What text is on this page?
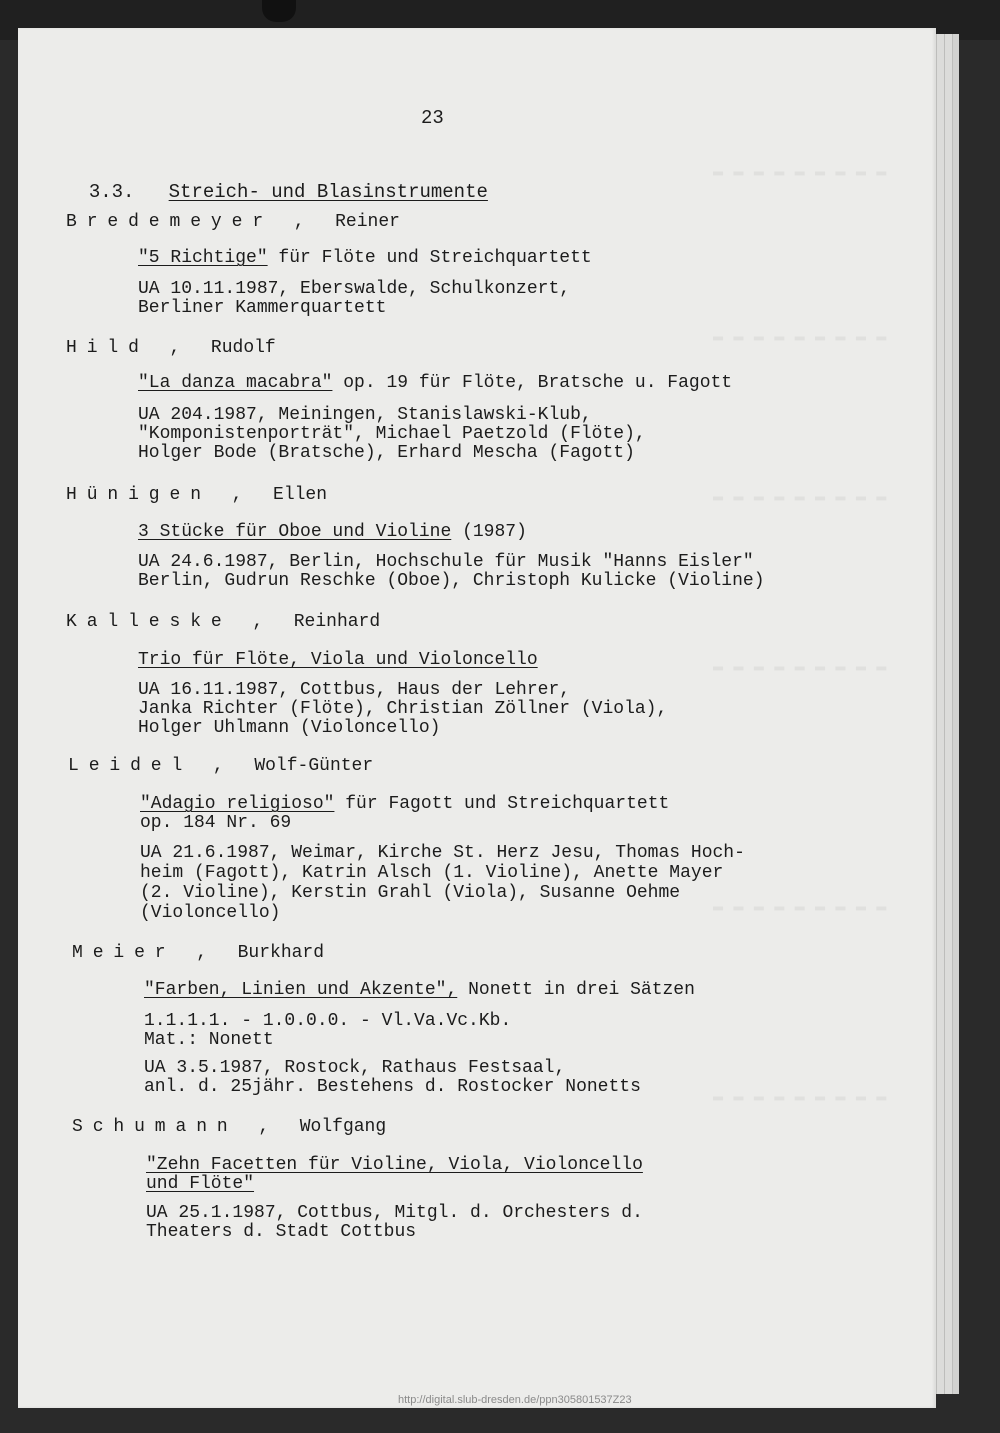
▬ ▬ ▬ ▬ ▬ ▬ ▬ ▬ ▬
▬ ▬ ▬ ▬ ▬ ▬ ▬ ▬ ▬
▬ ▬ ▬ ▬ ▬ ▬ ▬ ▬ ▬
▬ ▬ ▬ ▬ ▬ ▬ ▬ ▬ ▬
▬ ▬ ▬ ▬ ▬ ▬ ▬ ▬ ▬
▬ ▬ ▬ ▬ ▬ ▬ ▬ ▬ ▬
23

3.3. Streich- und Blasinstrumente

Bredemeyer , Reiner
"5 Richtige" für Flöte und Streichquartett
UA 10.11.1987, Eberswalde, Schulkonzert,
Berliner Kammerquartett
Hild , Rudolf
"La danza macabra" op. 19 für Flöte, Bratsche u. Fagott
UA 204.1987, Meiningen, Stanislawski-Klub,
"Komponistenporträt", Michael Paetzold (Flöte),
Holger Bode (Bratsche), Erhard Mescha (Fagott)
Hünigen , Ellen
3 Stücke für Oboe und Violine (1987)
UA 24.6.1987, Berlin, Hochschule für Musik "Hanns Eisler"
Berlin, Gudrun Reschke (Oboe), Christoph Kulicke (Violine)
Kalleske , Reinhard
Trio für Flöte, Viola und Violoncello
UA 16.11.1987, Cottbus, Haus der Lehrer,
Janka Richter (Flöte), Christian Zöllner (Viola),
Holger Uhlmann (Violoncello)
Leidel , Wolf-Günter
"Adagio religioso" für Fagott und Streichquartett
op. 184 Nr. 69
UA 21.6.1987, Weimar, Kirche St. Herz Jesu, Thomas Hoch-
heim (Fagott), Katrin Alsch (1. Violine), Anette Mayer
(2. Violine), Kerstin Grahl (Viola), Susanne Oehme
(Violoncello)
Meier , Burkhard
"Farben, Linien und Akzente", Nonett in drei Sätzen
1.1.1.1. - 1.0.0.0. - Vl.Va.Vc.Kb.
Mat.: Nonett
UA 3.5.1987, Rostock, Rathaus Festsaal,
anl. d. 25jähr. Bestehens d. Rostocker Nonetts
Schumann , Wolfgang
"Zehn Facetten für Violine, Viola, Violoncello
und Flöte"
UA 25.1.1987, Cottbus, Mitgl. d. Orchesters d.
Theaters d. Stadt Cottbus
http://digital.slub-dresden.de/ppn305801537Z23
